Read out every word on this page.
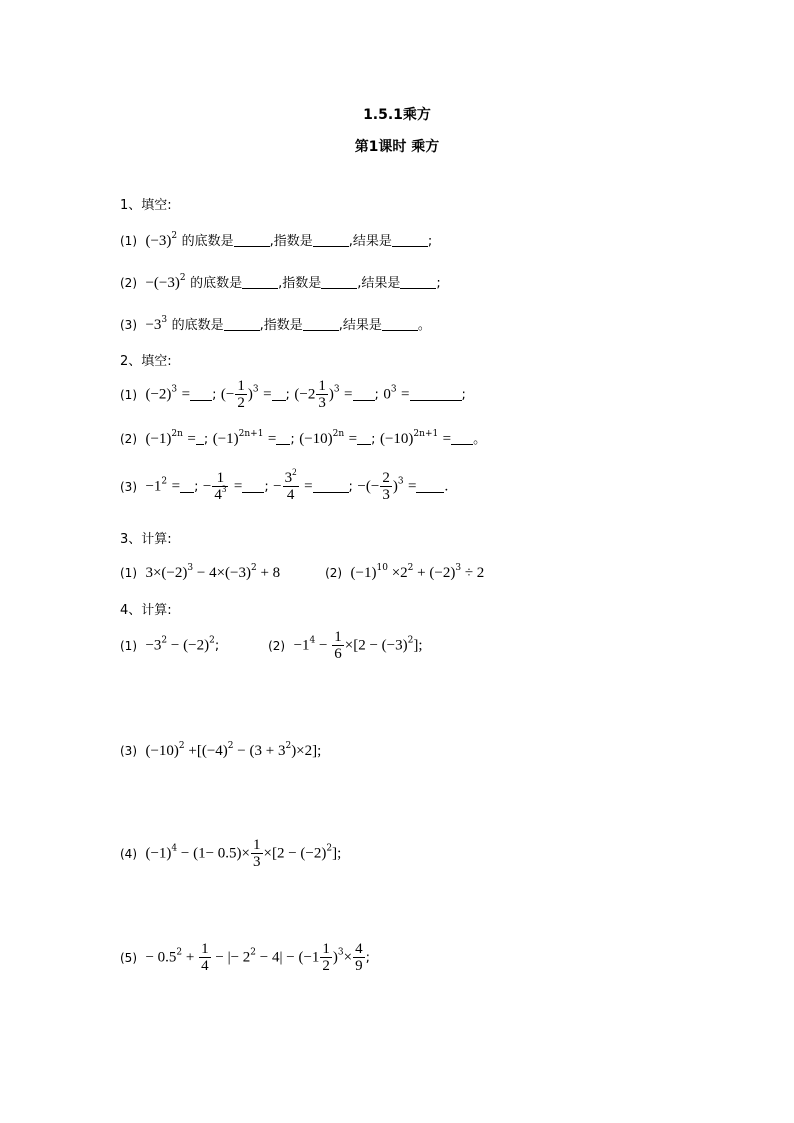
1.5.1乘方
第1课时 乘方
1、填空:
(1) $(-3)^2$ 的底数是	,指数是	,结果是	;
$(2) -(-3)^2$ 的底数是	,指数是	,结果是	;
$(3) -3^3$ 的底数是	,指数是	,结果是	。
2、填空:
(1) $(-2)^3$ = ; (− $\frac{1}{2} )^3$ = ; $(-2 \frac{1}{3} )^3$ = ; $0^3$ =	;
(2) $(-1)^{2n}$ = ; $(-1)^{2n+1}$ = ; $(-10)^{2n}$ = ; $(-10)^{2n+1}$ = 。
$(3) -1^2$ = ; − $\frac{1}{4^3}$ = ; − $\frac{3^2}{4}$ =	; −(− $\frac{2}{3} )^3$ = .
3、计算:
(1) $3\times(-2)^3 - 4\times(-3)^2 + 8$	(2) $(-1)^{10} \times 2^2 + (-2)^3 \div 2$
4、计算:
$(1) -3^2 - (-2)^2$;	$(2) -1^4 - \frac{1}{6} \times[2 - (-3)^2]$;
(3) $(-10)^2 +[(-4)^2 - (3 + 3^2)\times 2]$;
(4) $(-1)^4 - (1- 0.5)\times \frac{1}{3} \times[2 - (-2)^2]$;
$(5) - 0.5^2 + \frac{1}{4}$ − |− $2^2 - 4| - (-1 \frac{1}{2} )^3\times \frac{4}{9}$ ;
